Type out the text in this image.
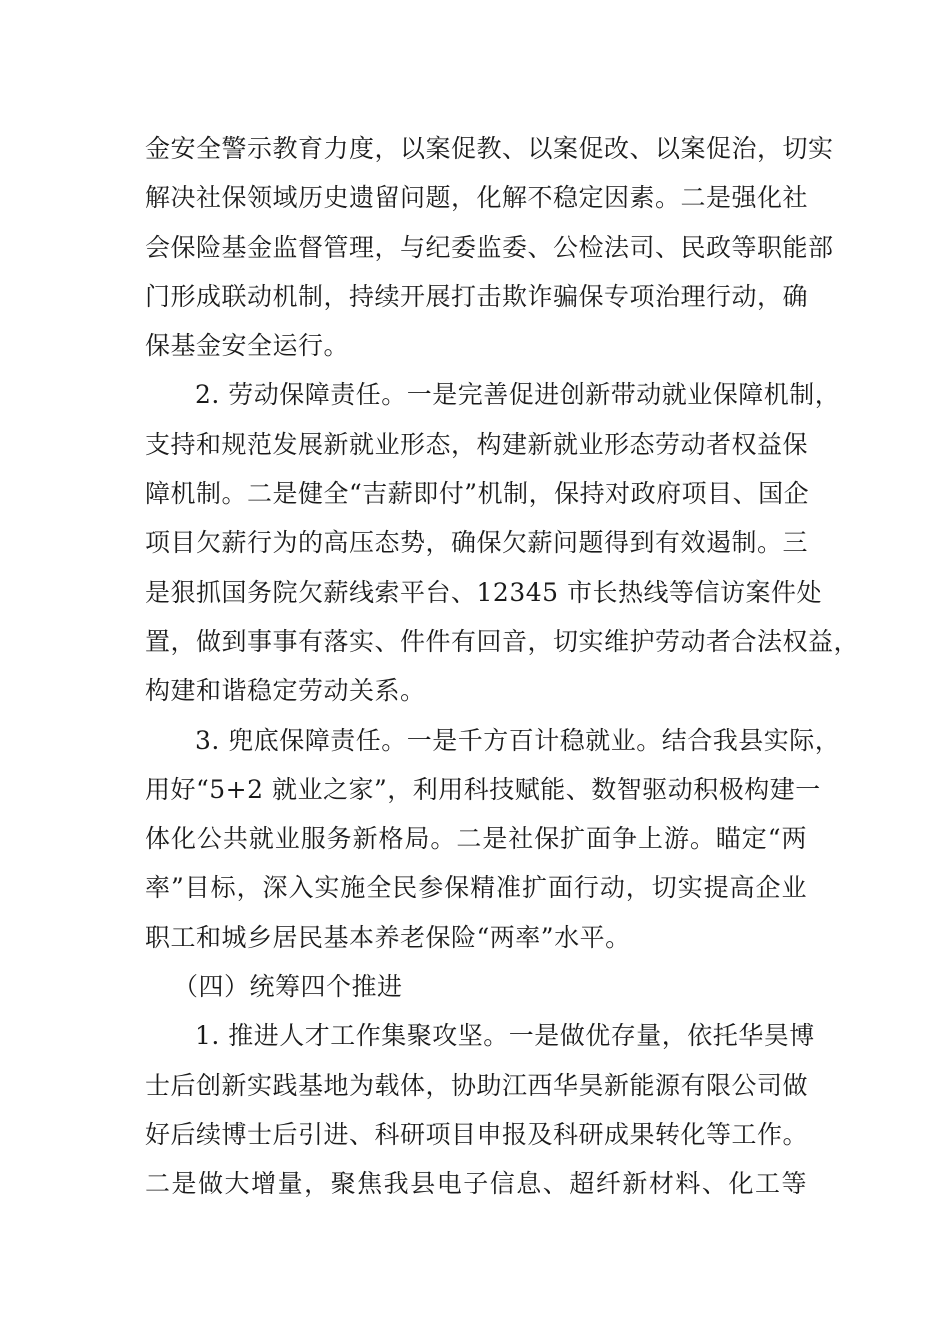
金安全警示教育力度，以案促教、以案促改、以案促治，切实
解决社保领域历史遗留问题，化解不稳定因素。二是强化社
会保险基金监督管理，与纪委监委、公检法司、民政等职能部
门形成联动机制，持续开展打击欺诈骗保专项治理行动，确
保基金安全运行。
2. 劳动保障责任。一是完善促进创新带动就业保障机制，
支持和规范发展新就业形态，构建新就业形态劳动者权益保
障机制。二是健全“吉薪即付”机制，保持对政府项目、国企
项目欠薪行为的高压态势，确保欠薪问题得到有效遏制。三
是狠抓国务院欠薪线索平台、12345 市长热线等信访案件处
置，做到事事有落实、件件有回音，切实维护劳动者合法权益，
构建和谐稳定劳动关系。
3. 兜底保障责任。一是千方百计稳就业。结合我县实际，
用好“5+2 就业之家”，利用科技赋能、数智驱动积极构建一
体化公共就业服务新格局。二是社保扩面争上游。瞄定“两
率”目标，深入实施全民参保精准扩面行动，切实提高企业
职工和城乡居民基本养老保险“两率”水平。
（四）统筹四个推进
1. 推进人才工作集聚攻坚。一是做优存量，依托华昊博
士后创新实践基地为载体，协助江西华昊新能源有限公司做
好后续博士后引进、科研项目申报及科研成果转化等工作。
二是做大增量，聚焦我县电子信息、超纤新材料、化工等
